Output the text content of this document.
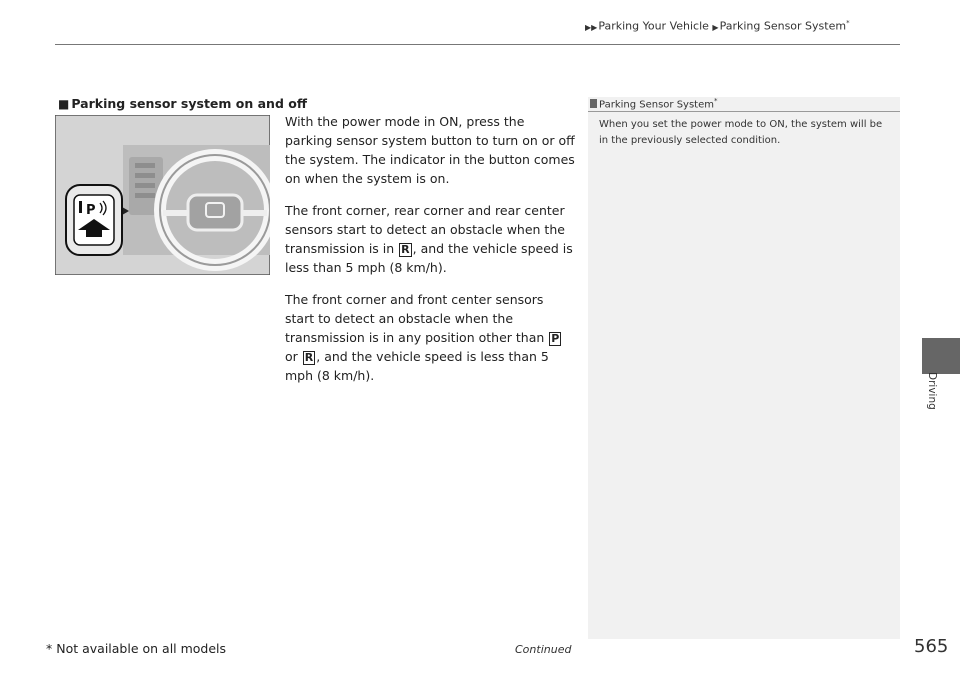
▶▶Parking Your Vehicle ▶Parking Sensor System*
■ Parking sensor system on and off

With the power mode in ON, press the parking sensor system button to turn on or off the system. The indicator in the button comes on when the system is on.

The front corner, rear corner and rear center sensors start to detect an obstacle when the transmission is in R , and the vehicle speed is less than 5 mph (8 km/h).

The front corner and front center sensors start to detect an obstacle when the transmission is in any position other than P or R , and the vehicle speed is less than 5 mph (8 km/h).

P
Parking Sensor System*
When you set the power mode to ON, the system will be in the previously selected condition.
Driving
* Not available on all models	Continued	565
